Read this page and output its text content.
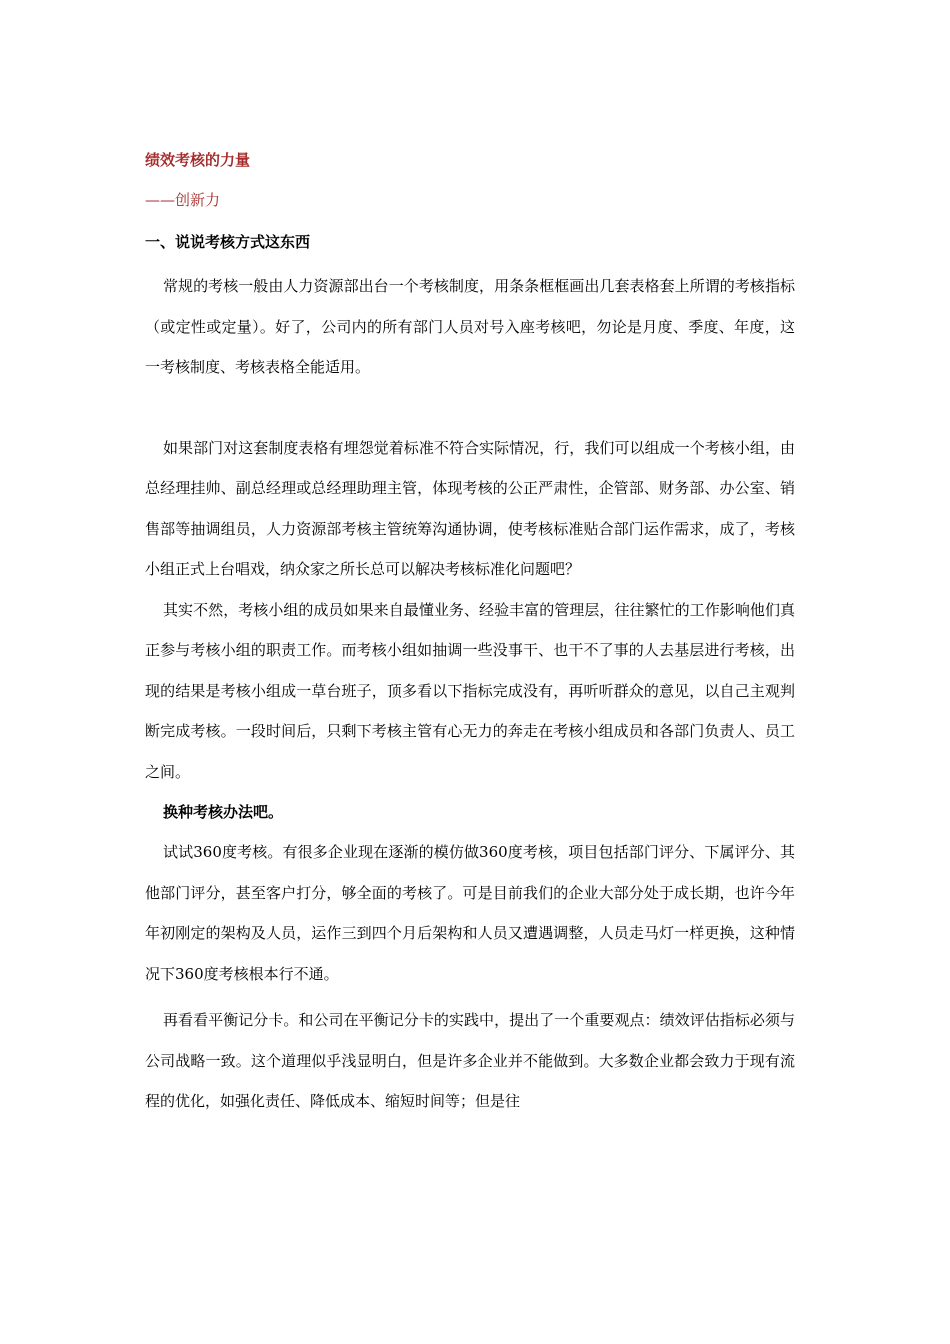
绩效考核的力量
——创新力
一、说说考核方式这东西

常规的考核一般由人力资源部出台一个考核制度，用条条框框画出几套表格套上所谓的考核指标（或定性或定量）。好了，公司内的所有部门人员对号入座考核吧，勿论是月度、季度、年度，这一考核制度、考核表格全能适用。

如果部门对这套制度表格有埋怨觉着标准不符合实际情况，行，我们可以组成一个考核小组，由总经理挂帅、副总经理或总经理助理主管，体现考核的公正严肃性，企管部、财务部、办公室、销售部等抽调组员，人力资源部考核主管统筹沟通协调，使考核标准贴合部门运作需求，成了，考核小组正式上台唱戏，纳众家之所长总可以解决考核标准化问题吧？

其实不然，考核小组的成员如果来自最懂业务、经验丰富的管理层，往往繁忙的工作影响他们真正参与考核小组的职责工作。而考核小组如抽调一些没事干、也干不了事的人去基层进行考核，出现的结果是考核小组成一草台班子，顶多看以下指标完成没有，再听听群众的意见，以自己主观判断完成考核。一段时间后，只剩下考核主管有心无力的奔走在考核小组成员和各部门负责人、员工之间。

换种考核办法吧。

试试360度考核。有很多企业现在逐渐的模仿做360度考核，项目包括部门评分、下属评分、其他部门评分，甚至客户打分，够全面的考核了。可是目前我们的企业大部分处于成长期，也许今年年初刚定的架构及人员，运作三到四个月后架构和人员又遭遇调整，人员走马灯一样更换，这种情况下360度考核根本行不通。

再看看平衡记分卡。和公司在平衡记分卡的实践中，提出了一个重要观点：绩效评估指标必须与公司战略一致。这个道理似乎浅显明白，但是许多企业并不能做到。大多数企业都会致力于现有流程的优化，如强化责任、降低成本、缩短时间等；但是往
